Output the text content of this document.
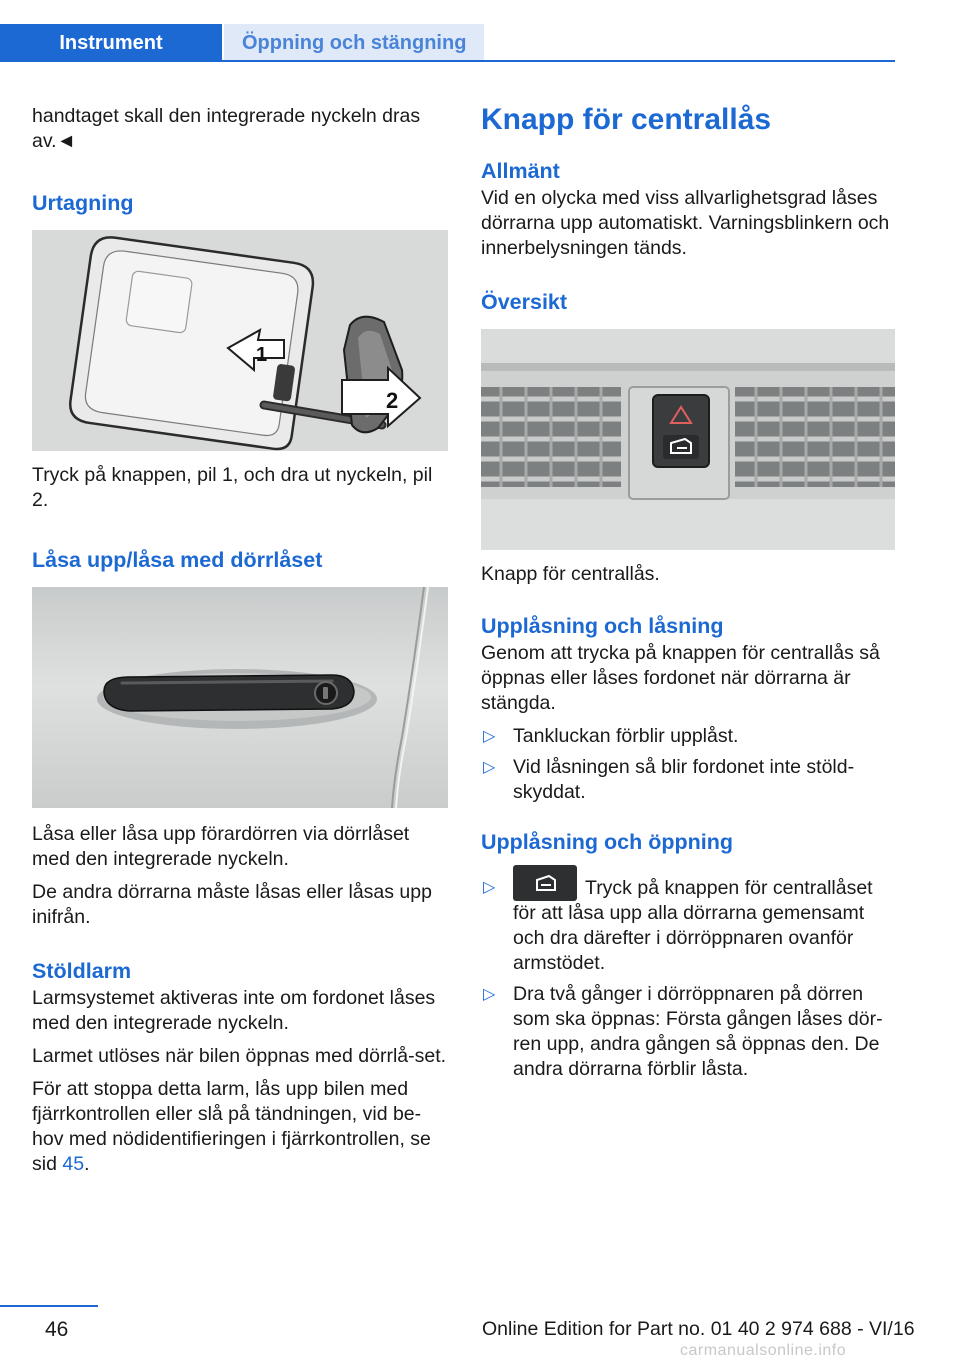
Instrument	Öppning och stängning

handtaget skall den integrerade nyckeln dras av.◄

Urtagning
1
2

Tryck på knappen, pil 1, och dra ut nyckeln, pil 2.

Låsa upp/låsa med dörrlåset

Låsa eller låsa upp förardörren via dörrlåset med den integrerade nyckeln.

De andra dörrarna måste låsas eller låsas upp inifrån.

Stöldlarm

Larmsystemet aktiveras inte om fordonet låses med den integrerade nyckeln.

Larmet utlöses när bilen öppnas med dörrlå-set.

För att stoppa detta larm, lås upp bilen med fjärrkontrollen eller slå på tändningen, vid be-hov med nödidentifieringen i fjärrkontrollen, se sid 45.

Knapp för centrallås
Allmänt

Vid en olycka med viss allvarlighetsgrad låses dörrarna upp automatiskt. Varningsblinkern och innerbelysningen tänds.

Översikt

Knapp för centrallås.

Upplåsning och låsning

Genom att trycka på knappen för centrallås så öppnas eller låses fordonet när dörrarna är stängda.

▷ Tankluckan förblir upplåst.
▷ Vid låsningen så blir fordonet inte stöld-skyddat.
Upplåsning och öppning
▷	Tryck på knappen för centrallåset för att låsa upp alla dörrarna gemensamt och dra därefter i dörröppnaren ovanför armstödet.
▷ Dra två gånger i dörröppnaren på dörren som ska öppnas: Första gången låses dör-ren upp, andra gången så öppnas den. De andra dörrarna förblir låsta.
46	Online Edition for Part no. 01 40 2 974 688 - VI/16
carmanualsonline.info
